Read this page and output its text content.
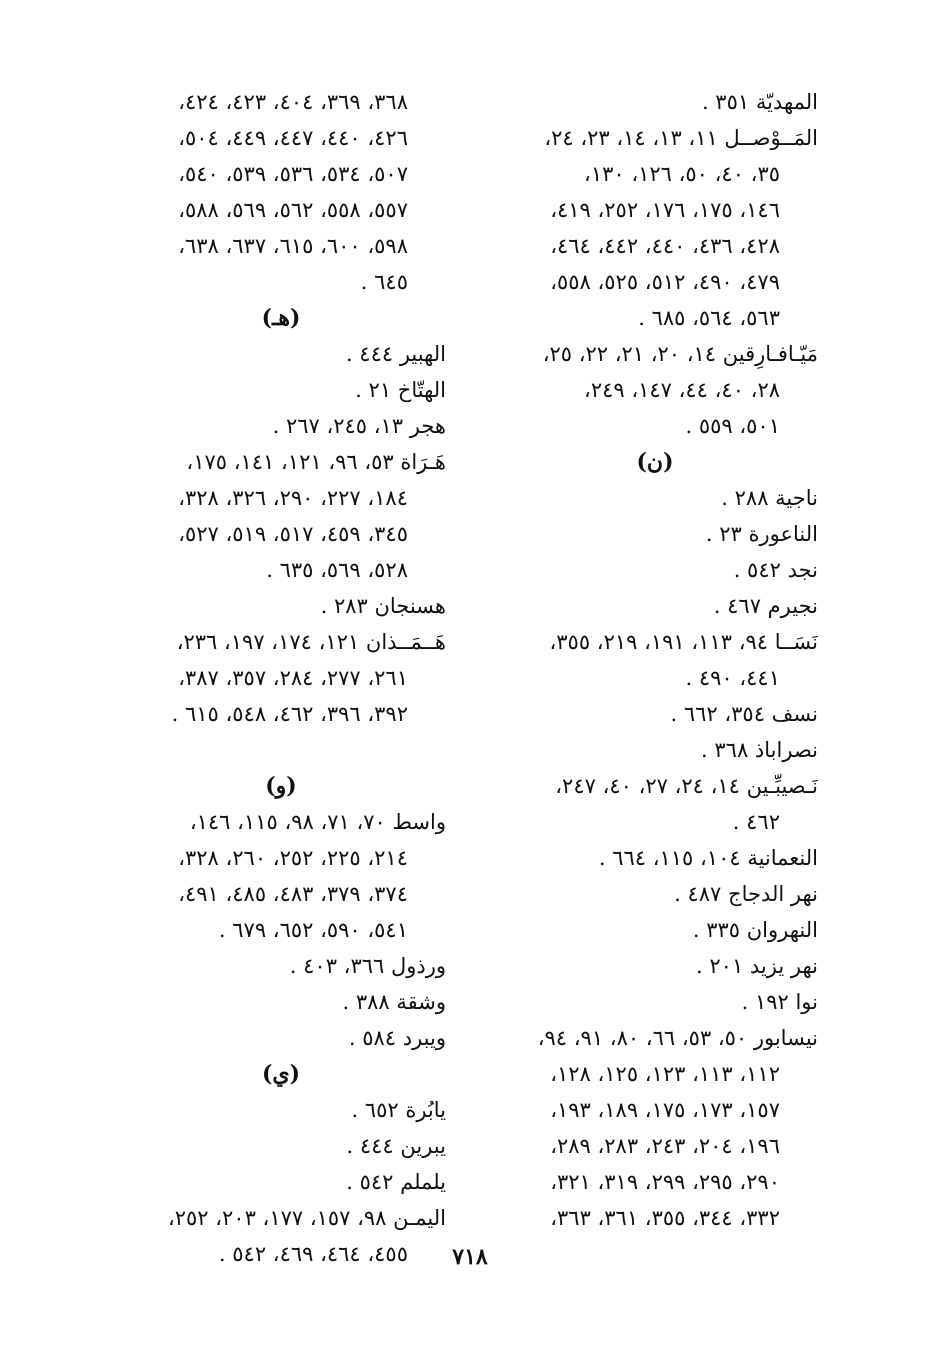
المهديّة ٣٥١ .
المَــوْصــل ١١، ١٣، ١٤، ٢٣، ٢٤،
٣٥، ٤٠، ٥٠، ١٢٦، ١٣٠،
١٤٦، ١٧٥، ١٧٦، ٢٥٢، ٤١٩،
٤٢٨، ٤٣٦، ٤٤٠، ٤٤٢، ٤٦٤،
٤٧٩، ٤٩٠، ٥١٢، ٥٢٥، ٥٥٨،
٥٦٣، ٥٦٤، ٦٨٥ .
مَيّـافـارِقين ١٤، ٢٠، ٢١، ٢٢، ٢٥،
٢٨، ٤٠، ٤٤، ١٤٧، ٢٤٩،
٥٠١، ٥٥٩ .
(ن)
ناجية ٢٨٨ .
الناعورة ٢٣ .
نجد ٥٤٢ .
نجيرم ٤٦٧ .
نَسَــا ٩٤، ١١٣، ١٩١، ٢١٩، ٣٥٥،
٤٤١، ٤٩٠ .
نسف ٣٥٤، ٦٦٢ .
نصراباذ ٣٦٨ .
نَـصيبِّـين ١٤، ٢٤، ٢٧، ٤٠، ٢٤٧،
٤٦٢ .
النعمانية ١٠٤، ١١٥، ٦٦٤ .
نهر الدجاج ٤٨٧ .
النهروان ٣٣٥ .
نهر يزيد ٢٠١ .
نوا ١٩٢ .
نيسابور ٥٠، ٥٣، ٦٦، ٨٠، ٩١، ٩٤،
١١٢، ١١٣، ١٢٣، ١٢٥، ١٢٨،
١٥٧، ١٧٣، ١٧٥، ١٨٩، ١٩٣،
١٩٦، ٢٠٤، ٢٤٣، ٢٨٣، ٢٨٩،
٢٩٠، ٢٩٥، ٢٩٩، ٣١٩، ٣٢١،
٣٣٢، ٣٤٤، ٣٥٥، ٣٦١، ٣٦٣،
٣٦٨، ٣٦٩، ٤٠٤، ٤٢٣، ٤٢٤،
٤٢٦، ٤٤٠، ٤٤٧، ٤٤٩، ٥٠٤،
٥٠٧، ٥٣٤، ٥٣٦، ٥٣٩، ٥٤٠،
٥٥٧، ٥٥٨، ٥٦٢، ٥٦٩، ٥٨٨،
٥٩٨، ٦٠٠، ٦١٥، ٦٣٧، ٦٣٨،
٦٤٥ .
(هـ)
الهبير ٤٤٤ .
الهتّاخ ٢١ .
هجر ١٣، ٢٤٥، ٢٦٧ .
هَـرَاة ٥٣، ٩٦، ١٢١، ١٤١، ١٧٥،
١٨٤، ٢٢٧، ٢٩٠، ٣٢٦، ٣٢٨،
٣٤٥، ٤٥٩، ٥١٧، ٥١٩، ٥٢٧،
٥٢٨، ٥٦٩، ٦٣٥ .
هسنجان ٢٨٣ .
هَــمَــذان ١٢١، ١٧٤، ١٩٧، ٢٣٦،
٢٦١، ٢٧٧، ٢٨٤، ٣٥٧، ٣٨٧،
٣٩٢، ٣٩٦، ٤٦٢، ٥٤٨، ٦١٥ .
(و)
واسط ٧٠، ٧١، ٩٨، ١١٥، ١٤٦،
٢١٤، ٢٢٥، ٢٥٢، ٢٦٠، ٣٢٨،
٣٧٤، ٣٧٩، ٤٨٣، ٤٨٥، ٤٩١،
٥٤١، ٥٩٠، ٦٥٢، ٦٧٩ .
ورذول ٣٦٦، ٤٠٣ .
وشقة ٣٨٨ .
ويبرد ٥٨٤ .
(ي)
يابُرة ٦٥٢ .
يبرين ٤٤٤ .
يلملم ٥٤٢ .
اليمـن ٩٨، ١٥٧، ١٧٧، ٢٠٣، ٢٥٢،
٤٥٥، ٤٦٤، ٤٦٩، ٥٤٢ .	٧١٨
